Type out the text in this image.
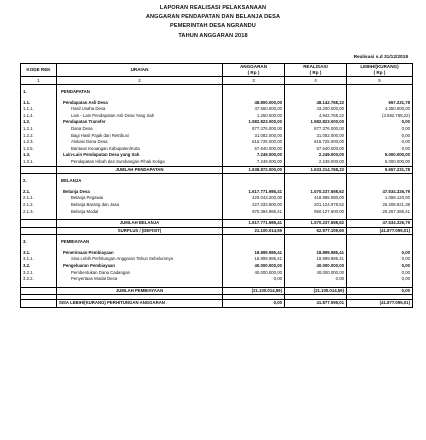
LAPORAN REALISASI PELAKSANAAN
ANGGARAN PENDAPATAN DAN BELANJA DESA
PEMERINTAH DESA NGRANDU
TAHUN ANGGARAN 2018
Realisasi s.d 31/12/2018
KODE REK	URAIAN	ANGGARAN
( Rp )	REALISASI
( Rp )	LEBIH/(KURANG)
( Rp )
1	2	3	4	5

1.	PENDAPATAN			

1.1.	Pendapatan Asli Desa	48.800.000,00	48.142.768,22	657.231,78
1.1.1.	Hasil Usaha Desa	47.550.000,00	43.200.000,00	4.350.000,00
1.1.4.	Lain - Lain Pendapatan Asli Desa Yang Sah	1.250.000,00	4.942.768,22	(3.692.768,22)
1.2.	Pendapatan Transfer	1.582.823.000,00	1.582.823.000,00	0,00
1.2.1.	Dana Desa	877.376.000,00	877.376.000,00	0,00
1.2.2.	Bagi Hasil Pajak dan Retribusi	31.082.000,00	31.082.000,00	0,00
1.2.3.	Alokasi Dana Desa	616.725.000,00	616.725.000,00	0,00
1.2.5.	Bantuan Keuangan Kabupaten/Kota	57.640.000,00	57.640.000,00	0,00
1.3.	Lain-Lain Pendapatan Desa yang Sah	7.249.000,00	2.249.000,00	5.000.000,00
1.3.1.	Pendapatan Hibah dan Sumbangan Pihak Ketiga	7.249.000,00	2.249.000,00	5.000.000,00
	JUMLAH PENDAPATAN	1.638.872.000,00	1.633.214.768,22	5.657.231,78

2.	BELANJA			

2.1.	Belanja Desa	1.617.771.985,41	1.570.237.658,62	47.534.326,79
2.1.1.	Belanja Pegawai	420.043.200,00	418.985.080,00	1.058.120,00
2.1.2.	Belanja Barang dan Jasa	227.333.800,00	201.124.978,62	26.208.821,38
2.1.3.	Belanja Modal	970.394.985,41	950.127.600,00	20.267.385,41

	JUMLAH BELANJA	1.617.771.985,41	1.570.237.658,62	47.534.326,79
	SURPLUS / (DEFISIT)	21.100.014,59	62.977.109,60	(41.877.095,01)

3.	PEMBIAYAAN			

3.1.	Penerimaan Pembiayaan	18.899.985,41	18.899.985,41	0,00
3.1.1.	Sisa Lebih Perhitungan Anggaran Tahun Sebelumnya	18.899.985,41	18.899.985,41	0,00
3.2.	Pengeluaran Pembiayaan	40.000.000,00	40.000.000,00	0,00
3.2.1.	Pembentukan Dana Cadangan	40.000.000,00	40.000.000,00	0,00
3.2.2.	Penyertaan Modal Desa	0,00	0,00	0,00

	JUMLAH PEMBIAYAAN	(21.100.014,59)	(21.100.014,59)	0,00

	SISA LEBIH/(KURANG) PERHITUNGAN ANGGARAN	0,00	41.877.095,01	(41.877.095,01)
